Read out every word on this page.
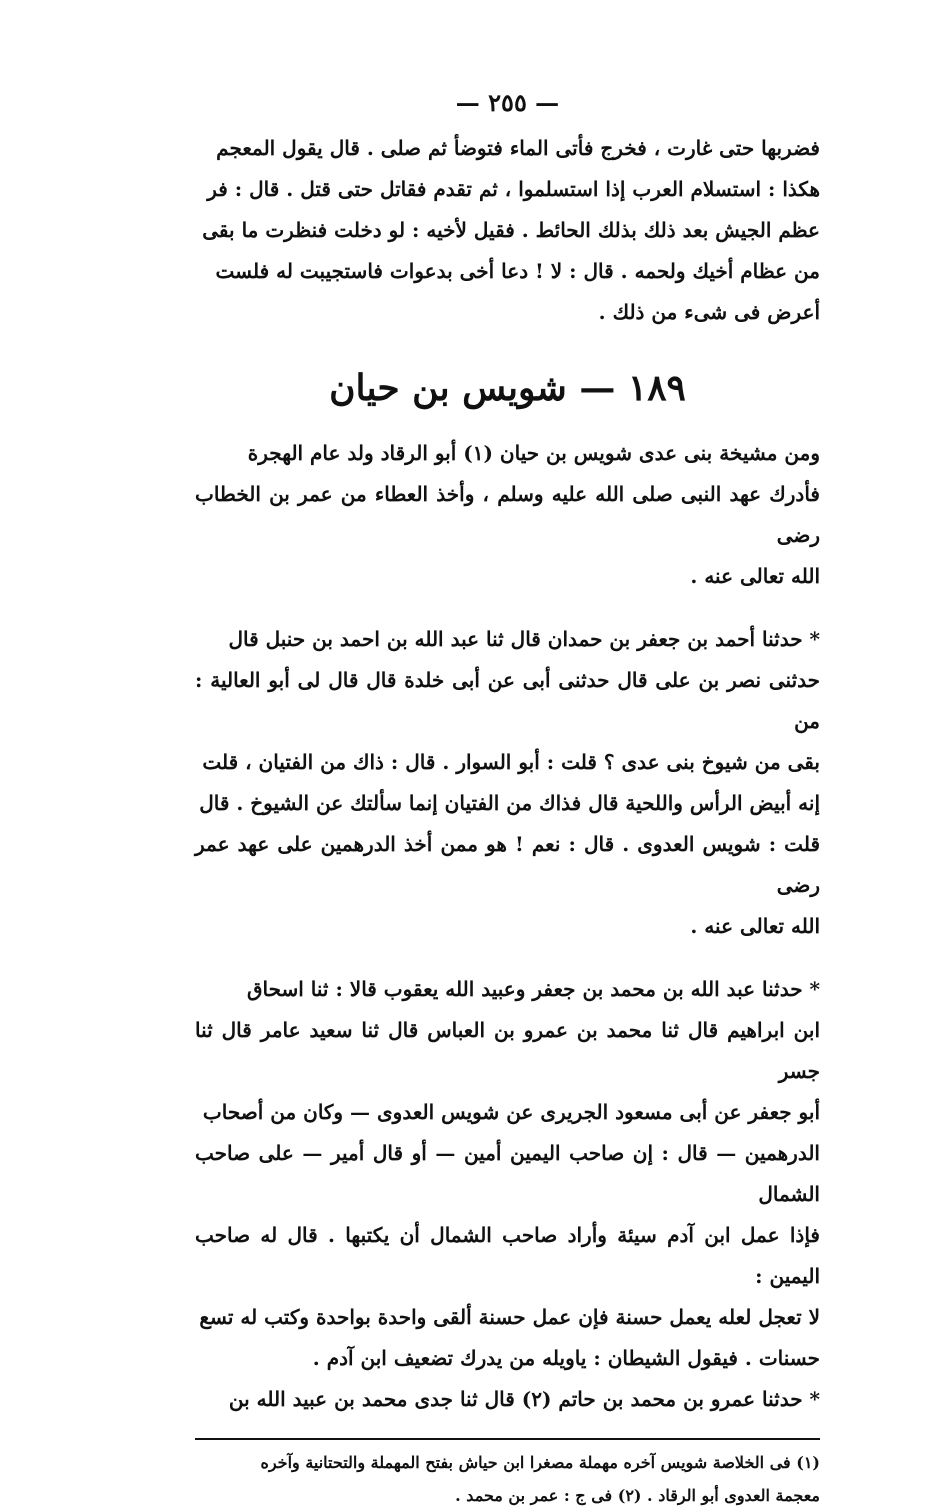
— ٢٥٥ —

فضربها حتى غارت ، فخرج فأتى الماء فتوضأ ثم صلى . قال يقول المعجم

هكذا : استسلام العرب إذا استسلموا ، ثم تقدم فقاتل حتى قتل . قال : فر

عظم الجيش بعد ذلك بذلك الحائط . فقيل لأخيه : لو دخلت فنظرت ما بقى

من عظام أخيك ولحمه . قال : لا ! دعا أخى بدعوات فاستجيبت له فلست

أعرض فى شىء من ذلك .

١٨٩ — شويس بن حيان

ومن مشيخة بنى عدى شويس بن حيان (١) أبو الرقاد ولد عام الهجرة

فأدرك عهد النبى صلى الله عليه وسلم ، وأخذ العطاء من عمر بن الخطاب رضى

الله تعالى عنه .

* حدثنا أحمد بن جعفر بن حمدان قال ثنا عبد الله بن احمد بن حنبل قال

حدثنى نصر بن على قال حدثنى أبى عن أبى خلدة قال قال لى أبو العالية : من

بقى من شيوخ بنى عدى ؟ قلت : أبو السوار . قال : ذاك من الفتيان ، قلت

إنه أبيض الرأس واللحية قال فذاك من الفتيان إنما سألتك عن الشيوخ . قال

قلت : شويس العدوى . قال : نعم ! هو ممن أخذ الدرهمين على عهد عمر رضى

الله تعالى عنه .

* حدثنا عبد الله بن محمد بن جعفر وعبيد الله يعقوب قالا : ثنا اسحاق

ابن ابراهيم قال ثنا محمد بن عمرو بن العباس قال ثنا سعيد عامر قال ثنا جسر

أبو جعفر عن أبى مسعود الجريرى عن شويس العدوى — وكان من أصحاب

الدرهمين — قال : إن صاحب اليمين أمين — أو قال أمير — على صاحب الشمال

فإذا عمل ابن آدم سيئة وأراد صاحب الشمال أن يكتبها . قال له صاحب اليمين :

لا تعجل لعله يعمل حسنة فإن عمل حسنة ألقى واحدة بواحدة وكتب له تسع

حسنات . فيقول الشيطان : ياويله من يدرك تضعيف ابن آدم .

* حدثنا عمرو بن محمد بن حاتم (٢) قال ثنا جدى محمد بن عبيد الله بن

(١) فى الخلاصة شويس آخره مهملة مصغرا ابن حياش بفتح المهملة والتحتانية وآخره

معجمة العدوى أبو الرقاد . (٢) فى ج : عمر بن محمد .
